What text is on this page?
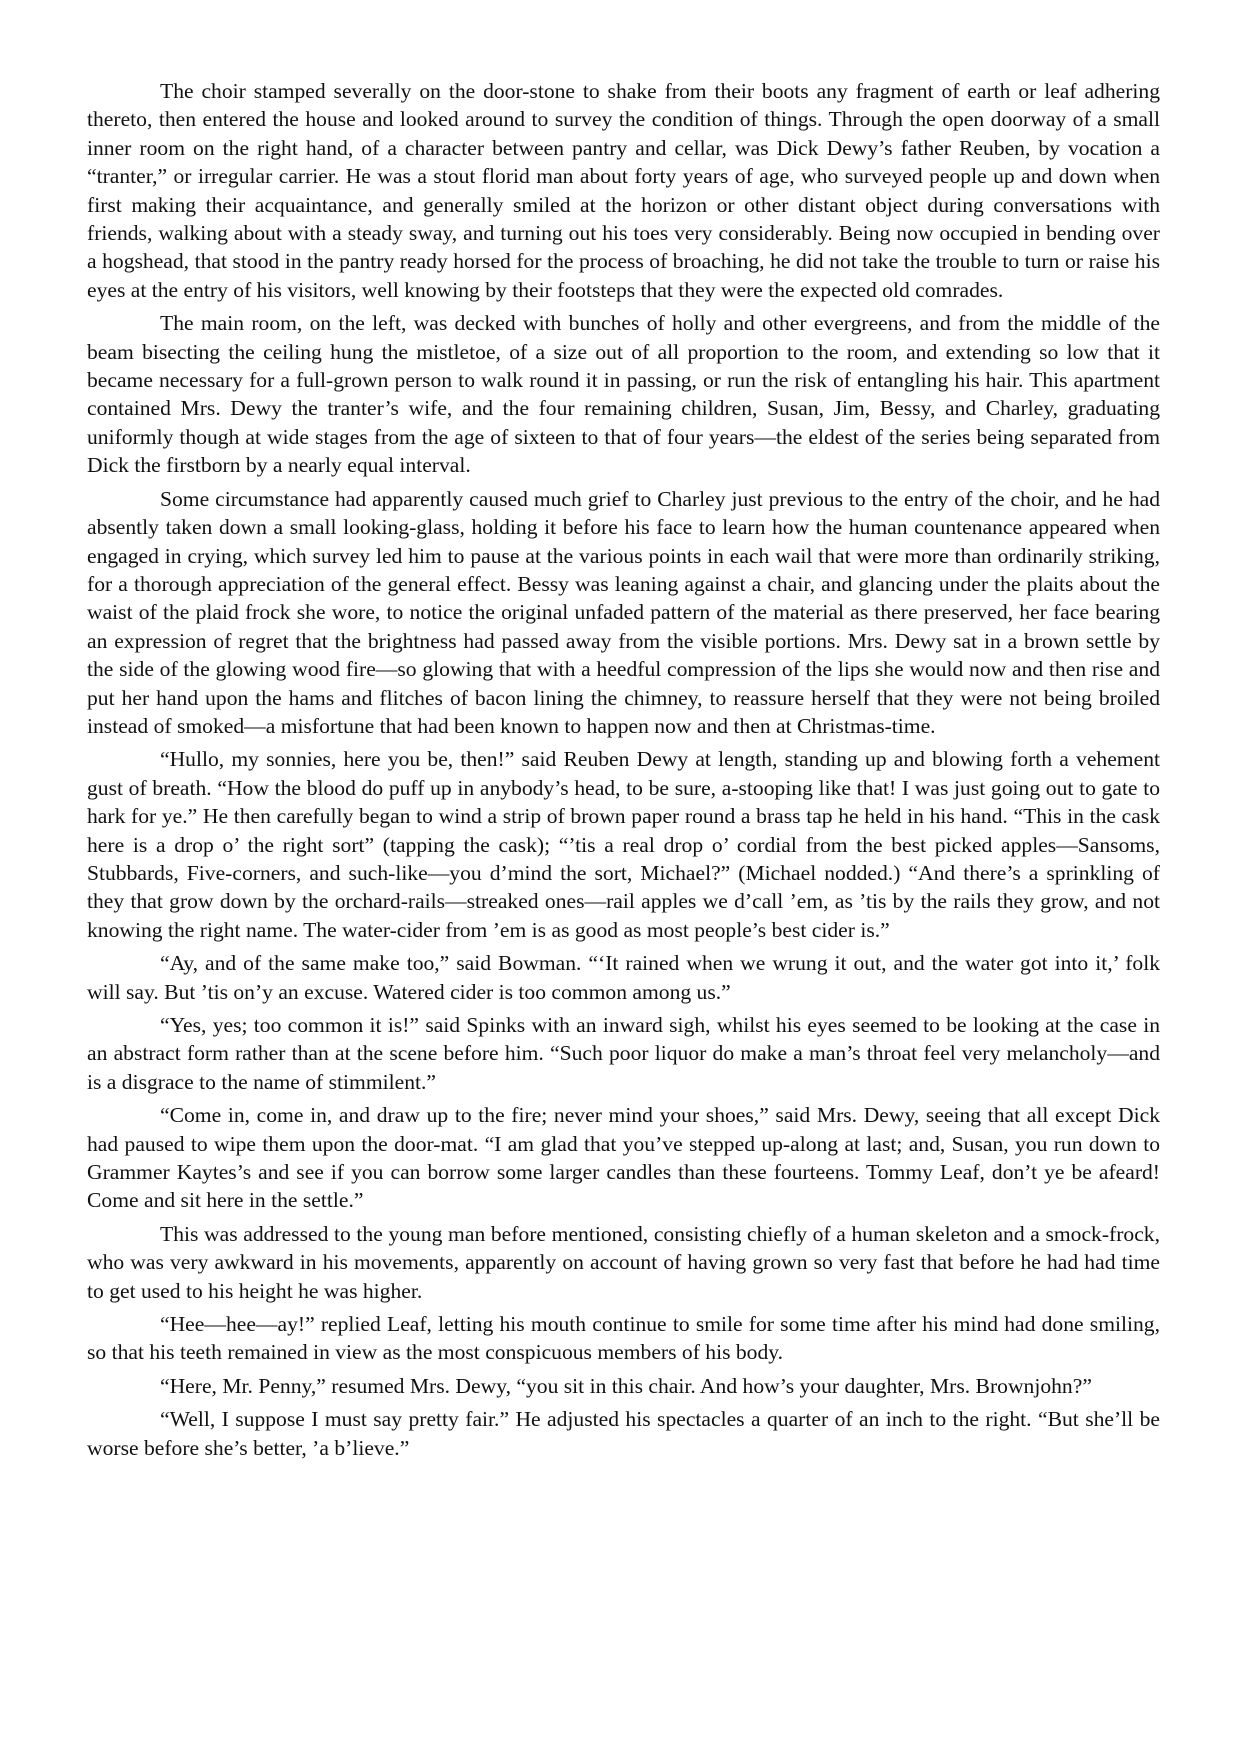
The choir stamped severally on the door-stone to shake from their boots any fragment of earth or leaf adhering thereto, then entered the house and looked around to survey the condition of things. Through the open doorway of a small inner room on the right hand, of a character between pantry and cellar, was Dick Dewy’s father Reuben, by vocation a “tranter,” or irregular carrier. He was a stout florid man about forty years of age, who surveyed people up and down when first making their acquaintance, and generally smiled at the horizon or other distant object during conversations with friends, walking about with a steady sway, and turning out his toes very considerably. Being now occupied in bending over a hogshead, that stood in the pantry ready horsed for the process of broaching, he did not take the trouble to turn or raise his eyes at the entry of his visitors, well knowing by their footsteps that they were the expected old comrades.

The main room, on the left, was decked with bunches of holly and other evergreens, and from the middle of the beam bisecting the ceiling hung the mistletoe, of a size out of all proportion to the room, and extending so low that it became necessary for a full-grown person to walk round it in passing, or run the risk of entangling his hair. This apartment contained Mrs. Dewy the tranter’s wife, and the four remaining children, Susan, Jim, Bessy, and Charley, graduating uniformly though at wide stages from the age of sixteen to that of four years—the eldest of the series being separated from Dick the firstborn by a nearly equal interval.

Some circumstance had apparently caused much grief to Charley just previous to the entry of the choir, and he had absently taken down a small looking-glass, holding it before his face to learn how the human countenance appeared when engaged in crying, which survey led him to pause at the various points in each wail that were more than ordinarily striking, for a thorough appreciation of the general effect. Bessy was leaning against a chair, and glancing under the plaits about the waist of the plaid frock she wore, to notice the original unfaded pattern of the material as there preserved, her face bearing an expression of regret that the brightness had passed away from the visible portions. Mrs. Dewy sat in a brown settle by the side of the glowing wood fire—so glowing that with a heedful compression of the lips she would now and then rise and put her hand upon the hams and flitches of bacon lining the chimney, to reassure herself that they were not being broiled instead of smoked—a misfortune that had been known to happen now and then at Christmas-time.

“Hullo, my sonnies, here you be, then!” said Reuben Dewy at length, standing up and blowing forth a vehement gust of breath. “How the blood do puff up in anybody’s head, to be sure, a-stooping like that! I was just going out to gate to hark for ye.” He then carefully began to wind a strip of brown paper round a brass tap he held in his hand. “This in the cask here is a drop o’ the right sort” (tapping the cask); “’tis a real drop o’ cordial from the best picked apples—Sansoms, Stubbards, Five-corners, and such-like—you d’mind the sort, Michael?” (Michael nodded.) “And there’s a sprinkling of they that grow down by the orchard-rails—streaked ones—rail apples we d’call ’em, as ’tis by the rails they grow, and not knowing the right name. The water-cider from ’em is as good as most people’s best cider is.”

“Ay, and of the same make too,” said Bowman. “‘It rained when we wrung it out, and the water got into it,’ folk will say. But ’tis on’y an excuse. Watered cider is too common among us.”

“Yes, yes; too common it is!” said Spinks with an inward sigh, whilst his eyes seemed to be looking at the case in an abstract form rather than at the scene before him. “Such poor liquor do make a man’s throat feel very melancholy—and is a disgrace to the name of stimmilent.”

“Come in, come in, and draw up to the fire; never mind your shoes,” said Mrs. Dewy, seeing that all except Dick had paused to wipe them upon the door-mat. “I am glad that you’ve stepped up-along at last; and, Susan, you run down to Grammer Kaytes’s and see if you can borrow some larger candles than these fourteens. Tommy Leaf, don’t ye be afeard! Come and sit here in the settle.”

This was addressed to the young man before mentioned, consisting chiefly of a human skeleton and a smock-frock, who was very awkward in his movements, apparently on account of having grown so very fast that before he had had time to get used to his height he was higher.

“Hee—hee—ay!” replied Leaf, letting his mouth continue to smile for some time after his mind had done smiling, so that his teeth remained in view as the most conspicuous members of his body.

“Here, Mr. Penny,” resumed Mrs. Dewy, “you sit in this chair. And how’s your daughter, Mrs. Brownjohn?”

“Well, I suppose I must say pretty fair.” He adjusted his spectacles a quarter of an inch to the right. “But she’ll be worse before she’s better, ’a b’lieve.”
